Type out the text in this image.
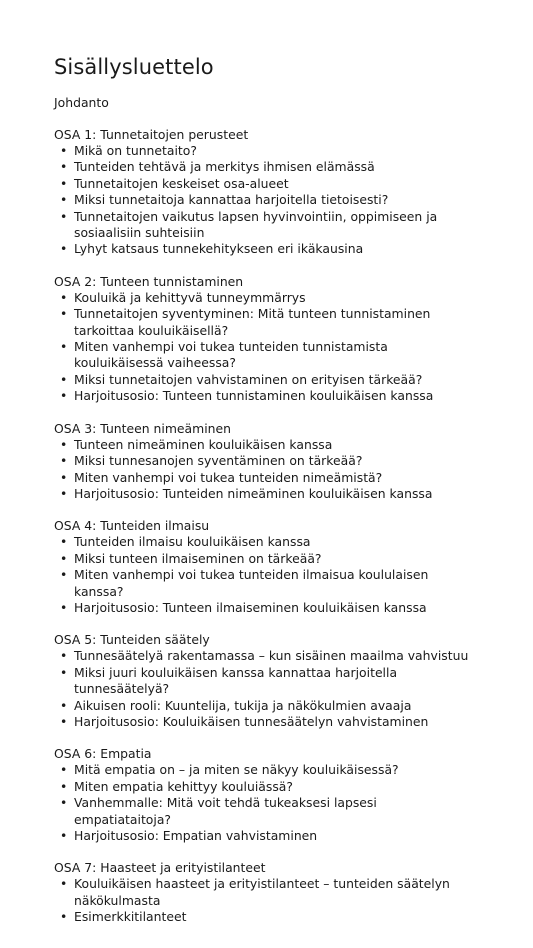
Sisällysluettelo
Johdanto
OSA 1: Tunnetaitojen perusteet
• Mikä on tunnetaito?
• Tunteiden tehtävä ja merkitys ihmisen elämässä
• Tunnetaitojen keskeiset osa-alueet
• Miksi tunnetaitoja kannattaa harjoitella tietoisesti?
• Tunnetaitojen vaikutus lapsen hyvinvointiin, oppimiseen ja sosiaalisiin suhteisiin
• Lyhyt katsaus tunnekehitykseen eri ikäkausina
OSA 2: Tunteen tunnistaminen
• Kouluikä ja kehittyvä tunneymmärrys
• Tunnetaitojen syventyminen: Mitä tunteen tunnistaminen tarkoittaa kouluikäisellä?
• Miten vanhempi voi tukea tunteiden tunnistamista kouluikäisessä vaiheessa?
• Miksi tunnetaitojen vahvistaminen on erityisen tärkeää?
• Harjoitusosio: Tunteen tunnistaminen kouluikäisen kanssa
OSA 3: Tunteen nimeäminen
• Tunteen nimeäminen kouluikäisen kanssa
• Miksi tunnesanojen syventäminen on tärkeää?
• Miten vanhempi voi tukea tunteiden nimeämistä?
• Harjoitusosio: Tunteiden nimeäminen kouluikäisen kanssa
OSA 4: Tunteiden ilmaisu
• Tunteiden ilmaisu kouluikäisen kanssa
• Miksi tunteen ilmaiseminen on tärkeää?
• Miten vanhempi voi tukea tunteiden ilmaisua koululaisen kanssa?
• Harjoitusosio: Tunteen ilmaiseminen kouluikäisen kanssa
OSA 5: Tunteiden säätely
• Tunnesäätelyä rakentamassa – kun sisäinen maailma vahvistuu
• Miksi juuri kouluikäisen kanssa kannattaa harjoitella tunnesäätelyä?
• Aikuisen rooli: Kuuntelija, tukija ja näkökulmien avaaja
• Harjoitusosio: Kouluikäisen tunnesäätelyn vahvistaminen
OSA 6: Empatia
• Mitä empatia on – ja miten se näkyy kouluikäisessä?
• Miten empatia kehittyy kouluiässä?
• Vanhemmalle: Mitä voit tehdä tukeaksesi lapsesi empatiataitoja?
• Harjoitusosio: Empatian vahvistaminen
OSA 7: Haasteet ja erityistilanteet
• Kouluikäisen haasteet ja erityistilanteet – tunteiden säätelyn näkökulmasta
• Esimerkkitilanteet
